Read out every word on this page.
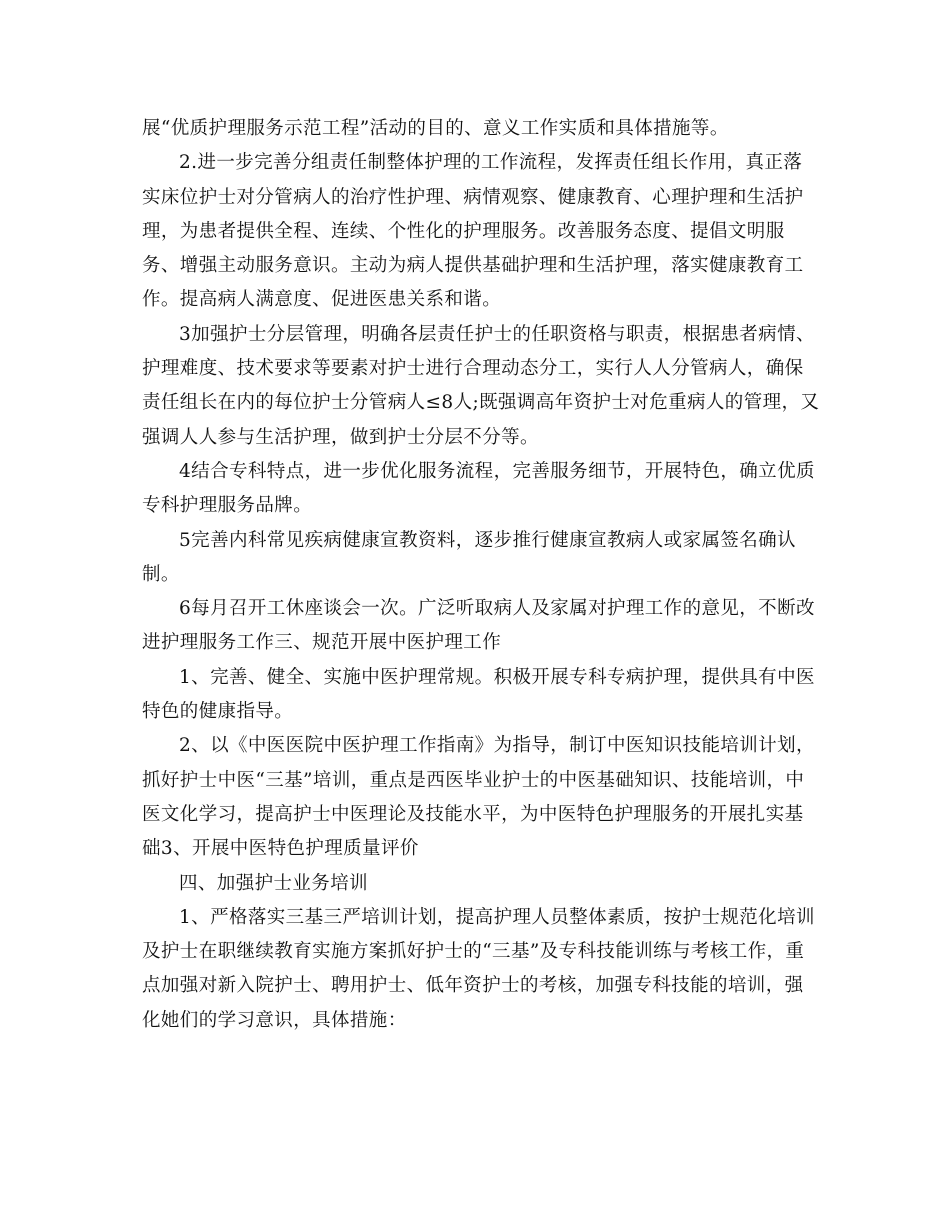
展“优质护理服务示范工程”活动的目的、意义工作实质和具体措施等。
2.进一步完善分组责任制整体护理的工作流程，发挥责任组长作用，真正落
实床位护士对分管病人的治疗性护理、病情观察、健康教育、心理护理和生活护
理，为患者提供全程、连续、个性化的护理服务。改善服务态度、提倡文明服
务、增强主动服务意识。主动为病人提供基础护理和生活护理，落实健康教育工
作。提高病人满意度、促进医患关系和谐。
3加强护士分层管理，明确各层责任护士的任职资格与职责，根据患者病情、
护理难度、技术要求等要素对护士进行合理动态分工，实行人人分管病人，确保
责任组长在内的每位护士分管病人≤8人;既强调高年资护士对危重病人的管理，又
强调人人参与生活护理，做到护士分层不分等。
4结合专科特点，进一步优化服务流程，完善服务细节，开展特色，确立优质
专科护理服务品牌。
5完善内科常见疾病健康宣教资料，逐步推行健康宣教病人或家属签名确认
制。
6每月召开工休座谈会一次。广泛听取病人及家属对护理工作的意见，不断改
进护理服务工作三、规范开展中医护理工作
1、完善、健全、实施中医护理常规。积极开展专科专病护理，提供具有中医
特色的健康指导。
2、以《中医医院中医护理工作指南》为指导，制订中医知识技能培训计划，
抓好护士中医“三基”培训，重点是西医毕业护士的中医基础知识、技能培训，中
医文化学习，提高护士中医理论及技能水平，为中医特色护理服务的开展扎实基
础3、开展中医特色护理质量评价
四、加强护士业务培训
1、严格落实三基三严培训计划，提高护理人员整体素质，按护士规范化培训
及护士在职继续教育实施方案抓好护士的“三基”及专科技能训练与考核工作，重
点加强对新入院护士、聘用护士、低年资护士的考核，加强专科技能的培训，强
化她们的学习意识，具体措施：
